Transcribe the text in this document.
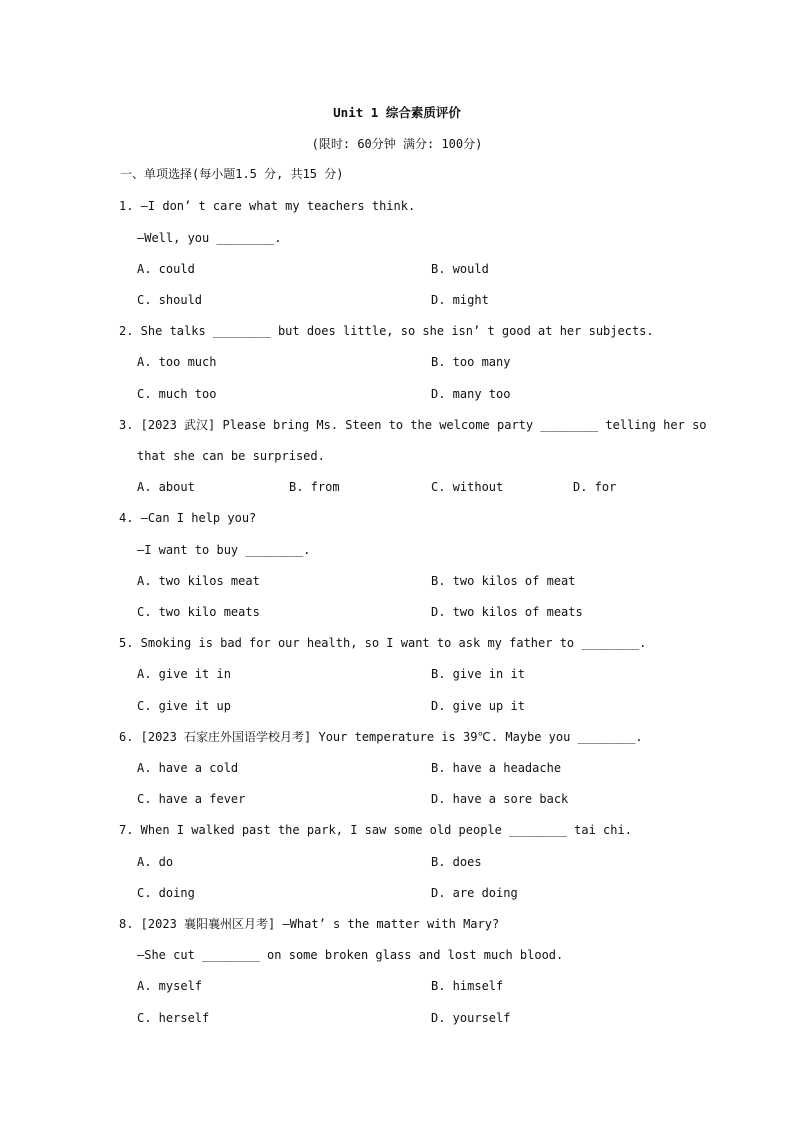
Unit 1 综合素质评价
(限时: 60分钟 满分: 100分)
一、单项选择(每小题1.5 分, 共15 分)
1. —I don’ t care what my teachers think.
—Well, you ________.
A. could	B. would
C. should	D. might
2. She talks ________ but does little, so she isn’ t good at her subjects.
A. too much	B. too many
C. much too	D. many too
3. [2023 武汉] Please bring Ms. Steen to the welcome party ________ telling her so
that she can be surprised.
A. about	B. from	C. without	D. for
4. —Can I help you?
—I want to buy ________.
A. two kilos meat	B. two kilos of meat
C. two kilo meats	D. two kilos of meats
5. Smoking is bad for our health, so I want to ask my father to ________.
A. give it in	B. give in it
C. give it up	D. give up it
6. [2023 石家庄外国语学校月考] Your temperature is 39℃. Maybe you ________.
A. have a cold	B. have a headache
C. have a fever	D. have a sore back
7. When I walked past the park, I saw some old people ________ tai chi.
A. do	B. does
C. doing	D. are doing
8. [2023 襄阳襄州区月考] —What’ s the matter with Mary?
—She cut ________ on some broken glass and lost much blood.
A. myself	B. himself
C. herself	D. yourself
